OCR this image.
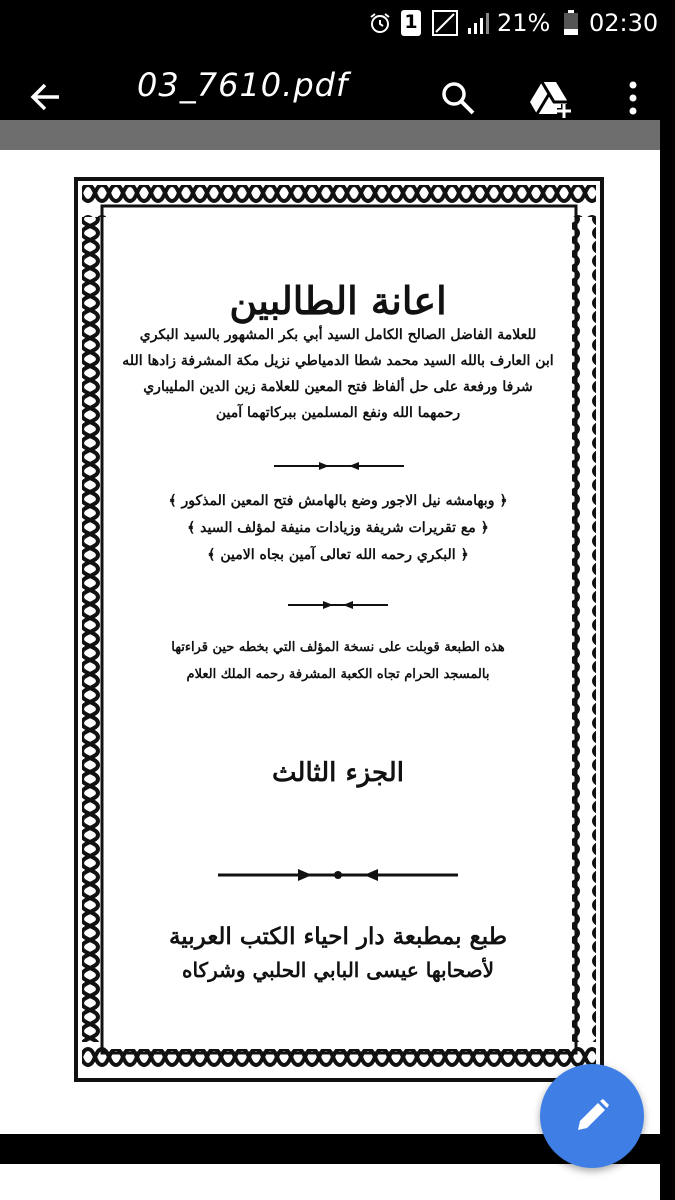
1	21% 02:30
03_7610.pdf
اعانة الطالبين
للعلامة الفاضل الصالح الكامل السيد أبي بكر المشهور بالسيد البكري
ابن العارف بالله السيد محمد شطا الدمياطي نزيل مكة المشرفة زادها الله
شرفا ورفعة على حل ألفاظ فتح المعين للعلامة زين الدين المليباري
رحمهما الله ونفع المسلمين ببركاتهما آمين
﴿ وبهامشه نيل الاجور وضع بالهامش فتح المعين المذكور ﴾
﴿ مع تقريرات شريفة وزيادات منيفة لمؤلف السيد ﴾
﴿ البكري رحمه الله تعالى آمين بجاه الامين ﴾
هذه الطبعة قوبلت على نسخة المؤلف التي بخطه حين قراءتها
بالمسجد الحرام تجاه الكعبة المشرفة رحمه الملك العلام
الجزء الثالث
طبع بمطبعة دار احياء الكتب العربية
لأصحابها عيسى البابي الحلبي وشركاه
